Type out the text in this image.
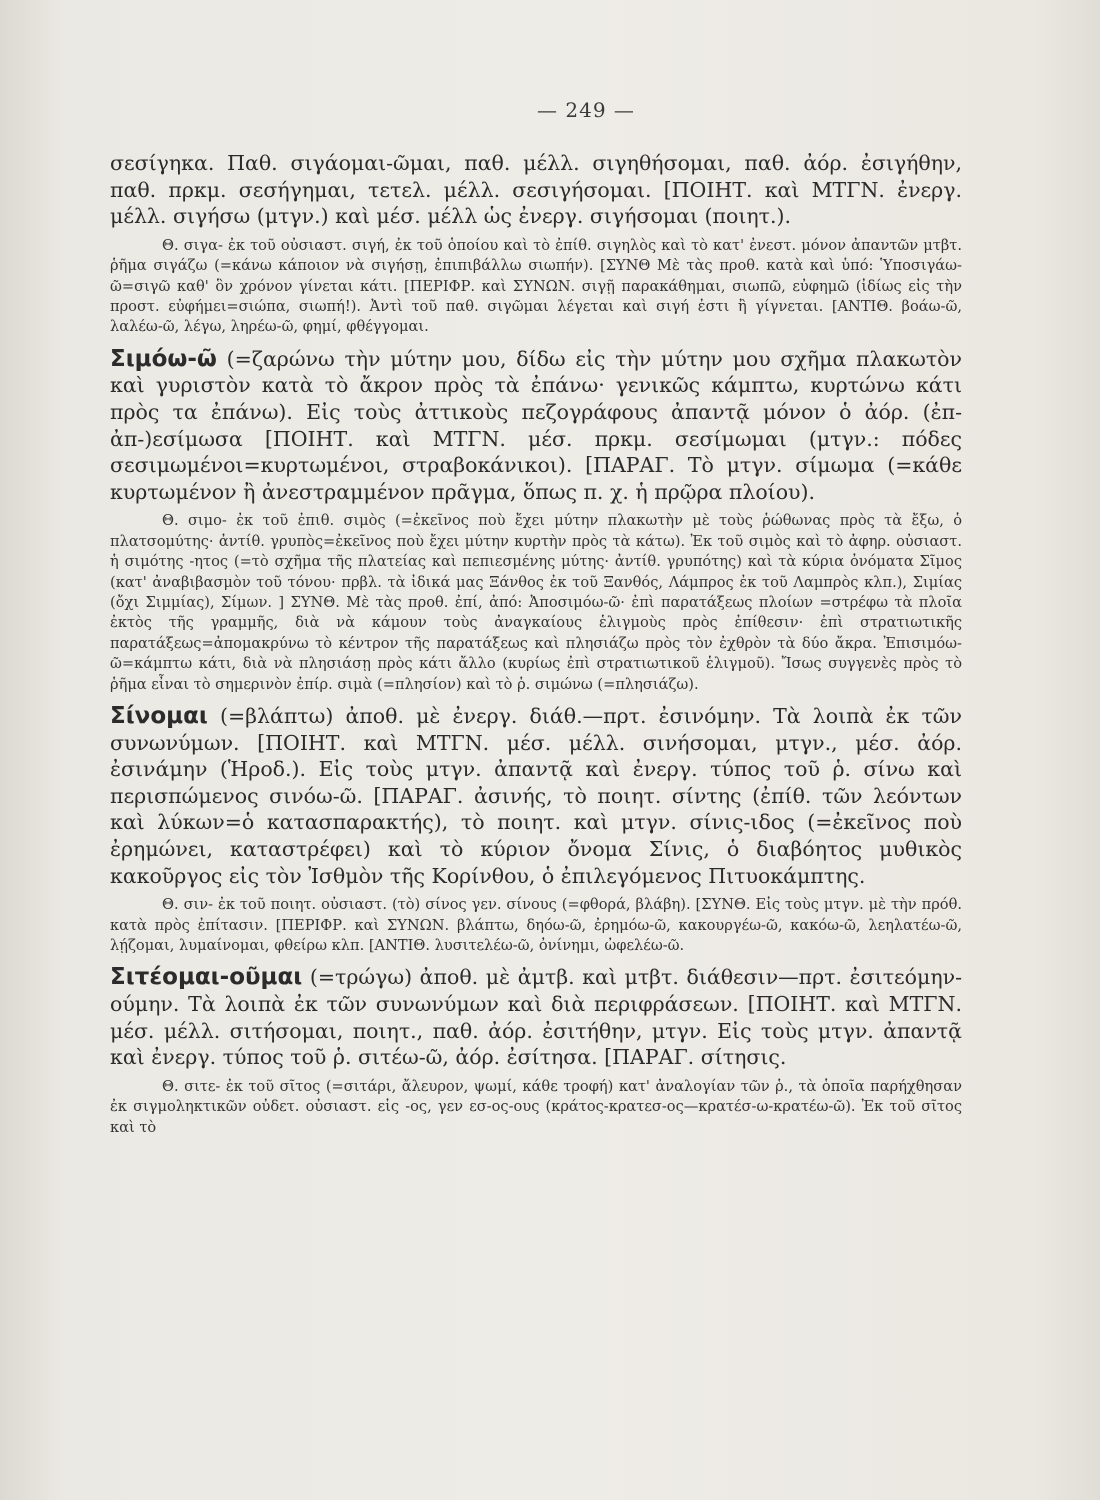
— 249 —

σεσίγηκα. Παθ. σιγάομαι-ῶμαι, παθ. μέλλ. σιγηθήσομαι, παθ. ἀόρ. ἐσιγήθην, παθ. πρκμ. σεσήγημαι, τετελ. μέλλ. σεσιγήσομαι. [ΠΟΙΗΤ. καὶ ΜΤΓΝ. ἐνεργ. μέλλ. σιγήσω (μτγν.) καὶ μέσ. μέλλ ὡς ἐνεργ. σιγήσομαι (ποιητ.).

Θ. σιγα- ἐκ τοῦ οὐσιαστ. σιγή, ἐκ τοῦ ὁποίου καὶ τὸ ἐπίθ. σιγηλὸς καὶ τὸ κατ' ἐνεστ. μόνον ἀπαντῶν μτβτ. ῥῆμα σιγάζω (=κάνω κάποιον νὰ σιγήσῃ, ἐπιπιβάλλω σιωπήν). [ΣΥΝΘ Μὲ τὰς προθ. κατὰ καὶ ὑπό: Ὑποσιγάω-ῶ=σιγῶ καθ' ὃν χρόνον γίνεται κάτι. [ΠΕΡΙΦΡ. καὶ ΣΥΝΩΝ. σιγῇ παρακάθημαι, σιωπῶ, εὐφημῶ (ἰδίως εἰς τὴν προστ. εὐφήμει=σιώπα, σιωπή!). Ἀντὶ τοῦ παθ. σιγῶμαι λέγεται καὶ σιγή ἐστι ἢ γίγνεται. [ΑΝΤΙΘ. βοάω-ῶ, λαλέω-ῶ, λέγω, ληρέω-ῶ, φημί, φθέγγομαι.

Σιμόω-ῶ (=ζαρώνω τὴν μύτην μου, δίδω εἰς τὴν μύτην μου σχῆμα πλακωτὸν καὶ γυριστὸν κατὰ τὸ ἄκρον πρὸς τὰ ἐπάνω· γενικῶς κάμπτω, κυρτώνω κάτι πρὸς τα ἐπάνω). Εἰς τοὺς ἀττικοὺς πεζογράφους ἀπαντᾷ μόνον ὁ ἀόρ. (ἐπ- ἀπ-)εσίμωσα [ΠΟΙΗΤ. καὶ ΜΤΓΝ. μέσ. πρκμ. σεσίμωμαι (μτγν.: πόδες σεσιμωμένοι=κυρτωμένοι, στραβοκάνικοι). [ΠΑΡΑΓ. Τὸ μτγν. σίμωμα (=κάθε κυρτωμένον ἢ ἀνεστραμμένον πρᾶγμα, ὅπως π. χ. ἡ πρῷρα πλοίου).

Θ. σιμο- ἐκ τοῦ ἐπιθ. σιμὸς (=ἐκεῖνος ποὺ ἔχει μύτην πλακωτὴν μὲ τοὺς ῥώθωνας πρὸς τὰ ἔξω, ὁ πλατσομύτης· ἀντίθ. γρυπὸς=ἐκεῖνος ποὺ ἔχει μύτην κυρτὴν πρὸς τὰ κάτω). Ἐκ τοῦ σιμὸς καὶ τὸ ἀφηρ. οὐσιαστ. ἡ σιμότης -ητος (=τὸ σχῆμα τῆς πλατείας καὶ πεπιεσμένης μύτης· ἀντίθ. γρυπότης) καὶ τὰ κύρια ὀνόματα Σῖμος (κατ' ἀναβιβασμὸν τοῦ τόνου· πρβλ. τὰ ἰδικά μας Ξάνθος ἐκ τοῦ Ξανθός, Λάμπρος ἐκ τοῦ Λαμπρὸς κλπ.), Σιμίας (ὄχι Σιμμίας), Σίμων. ] ΣΥΝΘ. Μὲ τὰς προθ. ἐπί, ἀπό: Ἀποσιμόω-ῶ· ἐπὶ παρατάξεως πλοίων =στρέφω τὰ πλοῖα ἐκτὸς τῆς γραμμῆς, διὰ νὰ κάμουν τοὺς ἀναγκαίους ἑλιγμοὺς πρὸς ἐπίθεσιν· ἐπὶ στρατιωτικῆς παρατάξεως=ἀπομακρύνω τὸ κέντρον τῆς παρατάξεως καὶ πλησιάζω πρὸς τὸν ἐχθρὸν τὰ δύο ἄκρα. Ἐπισιμόω-ῶ=κάμπτω κάτι, διὰ νὰ πλησιάσῃ πρὸς κάτι ἄλλο (κυρίως ἐπὶ στρατιωτικοῦ ἑλιγμοῦ). Ἴσως συγγενὲς πρὸς τὸ ῥῆμα εἶναι τὸ σημερινὸν ἐπίρ. σιμὰ (=πλησίον) καὶ τὸ ῥ. σιμώνω (=πλησιάζω).

Σίνομαι (=βλάπτω) ἀποθ. μὲ ἐνεργ. διάθ.—πρτ. ἐσινόμην. Τὰ λοιπὰ ἐκ τῶν συνωνύμων. [ΠΟΙΗΤ. καὶ ΜΤΓΝ. μέσ. μέλλ. σινήσομαι, μτγν., μέσ. ἀόρ. ἐσινάμην (Ἡροδ.). Εἰς τοὺς μτγν. ἀπαντᾷ καὶ ἐνεργ. τύπος τοῦ ῥ. σίνω καὶ περισπώμενος σινόω-ῶ. [ΠΑΡΑΓ. ἀσινής, τὸ ποιητ. σίντης (ἐπίθ. τῶν λεόντων καὶ λύκων=ὁ κατασπαρακτής), τὸ ποιητ. καὶ μτγν. σίνις-ιδος (=ἐκεῖνος ποὺ ἐρημώνει, καταστρέφει) καὶ τὸ κύριον ὄνομα Σίνις, ὁ διαβόητος μυθικὸς κακοῦργος εἰς τὸν Ἰσθμὸν τῆς Κορίνθου, ὁ ἐπιλεγόμενος Πιτυοκάμπτης.

Θ. σιν- ἐκ τοῦ ποιητ. οὐσιαστ. (τὸ) σίνος γεν. σίνους (=φθορά, βλάβη). [ΣΥΝΘ. Εἰς τοὺς μτγν. μὲ τὴν πρόθ. κατὰ πρὸς ἐπίτασιν. [ΠΕΡΙΦΡ. καὶ ΣΥΝΩΝ. βλάπτω, δηόω-ῶ, ἐρημόω-ῶ, κακουργέω-ῶ, κακόω-ῶ, λεηλατέω-ῶ, λῄζομαι, λυμαίνομαι, φθείρω κλπ. [ΑΝΤΙΘ. λυσιτελέω-ῶ, ὀνίνημι, ὠφελέω-ῶ.

Σιτέομαι-οῦμαι (=τρώγω) ἀποθ. μὲ ἀμτβ. καὶ μτβτ. διάθεσιν—πρτ. ἐσιτεόμην-ούμην. Τὰ λοιπὰ ἐκ τῶν συνωνύμων καὶ διὰ περιφράσεων. [ΠΟΙΗΤ. καὶ ΜΤΓΝ. μέσ. μέλλ. σιτήσομαι, ποιητ., παθ. ἀόρ. ἐσιτήθην, μτγν. Εἰς τοὺς μτγν. ἀπαντᾷ καὶ ἐνεργ. τύπος τοῦ ῥ. σιτέω-ῶ, ἀόρ. ἐσίτησα. [ΠΑΡΑΓ. σίτησις.

Θ. σιτε- ἐκ τοῦ σῖτος (=σιτάρι, ἄλευρον, ψωμί, κάθε τροφή) κατ' ἀναλογίαν τῶν ῥ., τὰ ὁποῖα παρήχθησαν ἐκ σιγμοληκτικῶν οὐδετ. οὐσιαστ. εἰς -ος, γεν εσ-ος-ους (κράτος-κρατεσ-ος—κρατέσ-ω-κρατέω-ῶ). Ἐκ τοῦ σῖτος καὶ τὸ
